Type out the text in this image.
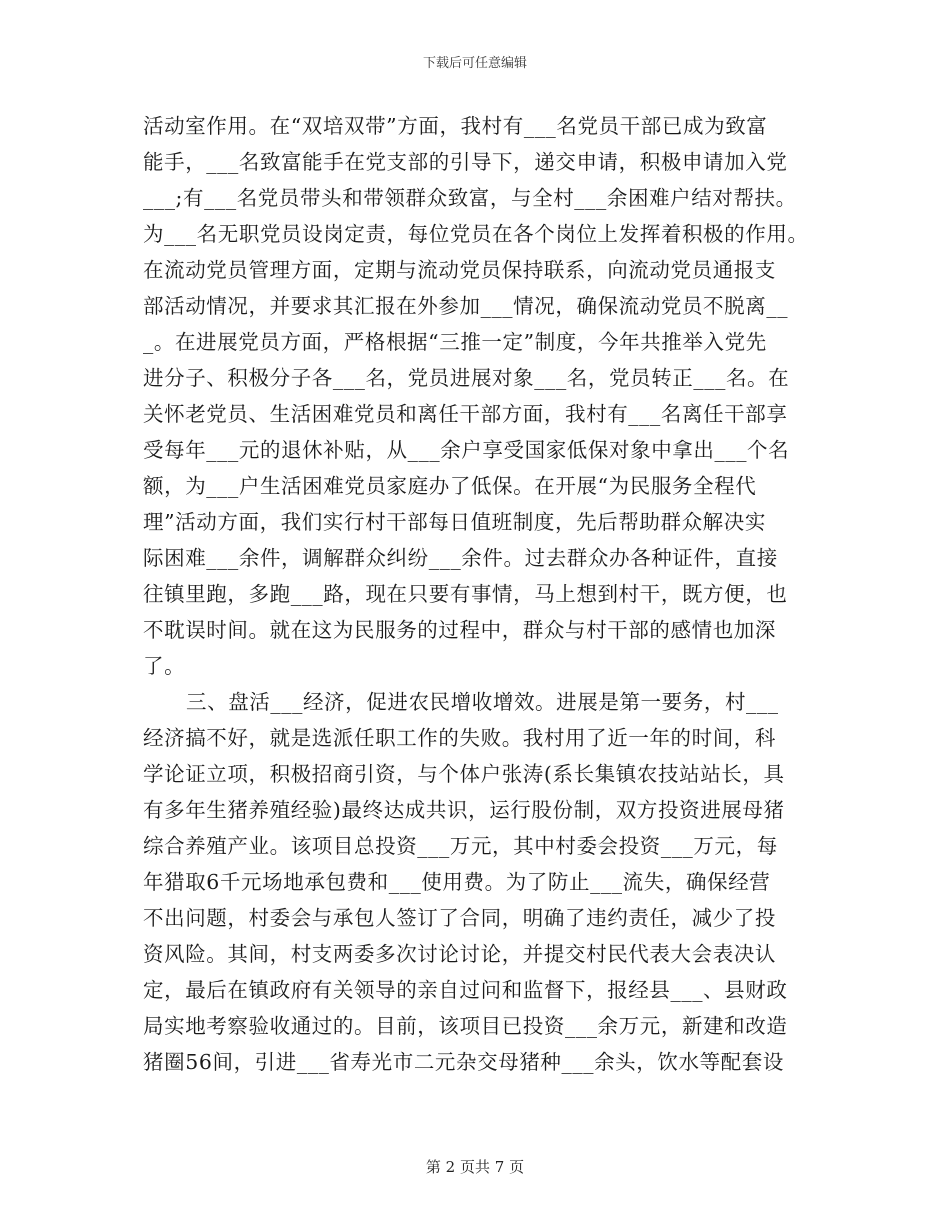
下载后可任意编辑
活动室作用。在“双培双带”方面，我村有___名党员干部已成为致富
能手，___名致富能手在党支部的引导下，递交申请，积极申请加入党
___;有___名党员带头和带领群众致富，与全村___余困难户结对帮扶。
为___名无职党员设岗定责，每位党员在各个岗位上发挥着积极的作用。
在流动党员管理方面，定期与流动党员保持联系，向流动党员通报支
部活动情况，并要求其汇报在外参加___情况，确保流动党员不脱离__
_。在进展党员方面，严格根据“三推一定”制度，今年共推举入党先
进分子、积极分子各___名，党员进展对象___名，党员转正___名。在
关怀老党员、生活困难党员和离任干部方面，我村有___名离任干部享
受每年___元的退休补贴，从___余户享受国家低保对象中拿出___个名
额，为___户生活困难党员家庭办了低保。在开展“为民服务全程代
理”活动方面，我们实行村干部每日值班制度，先后帮助群众解决实
际困难___余件，调解群众纠纷___余件。过去群众办各种证件，直接
往镇里跑，多跑___路，现在只要有事情，马上想到村干，既方便，也
不耽误时间。就在这为民服务的过程中，群众与村干部的感情也加深
了。
三、盘活___经济，促进农民增收增效。进展是第一要务，村___
经济搞不好，就是选派任职工作的失败。我村用了近一年的时间，科
学论证立项，积极招商引资，与个体户张涛(系长集镇农技站站长，具
有多年生猪养殖经验)最终达成共识，运行股份制，双方投资进展母猪
综合养殖产业。该项目总投资___万元，其中村委会投资___万元，每
年猎取6千元场地承包费和___使用费。为了防止___流失，确保经营
不出问题，村委会与承包人签订了合同，明确了违约责任，减少了投
资风险。其间，村支两委多次讨论讨论，并提交村民代表大会表决认
定，最后在镇政府有关领导的亲自过问和监督下，报经县___、县财政
局实地考察验收通过的。目前，该项目已投资___余万元，新建和改造
猪圈56间，引进___省寿光市二元杂交母猪种___余头，饮水等配套设
第 2 页共 7 页
